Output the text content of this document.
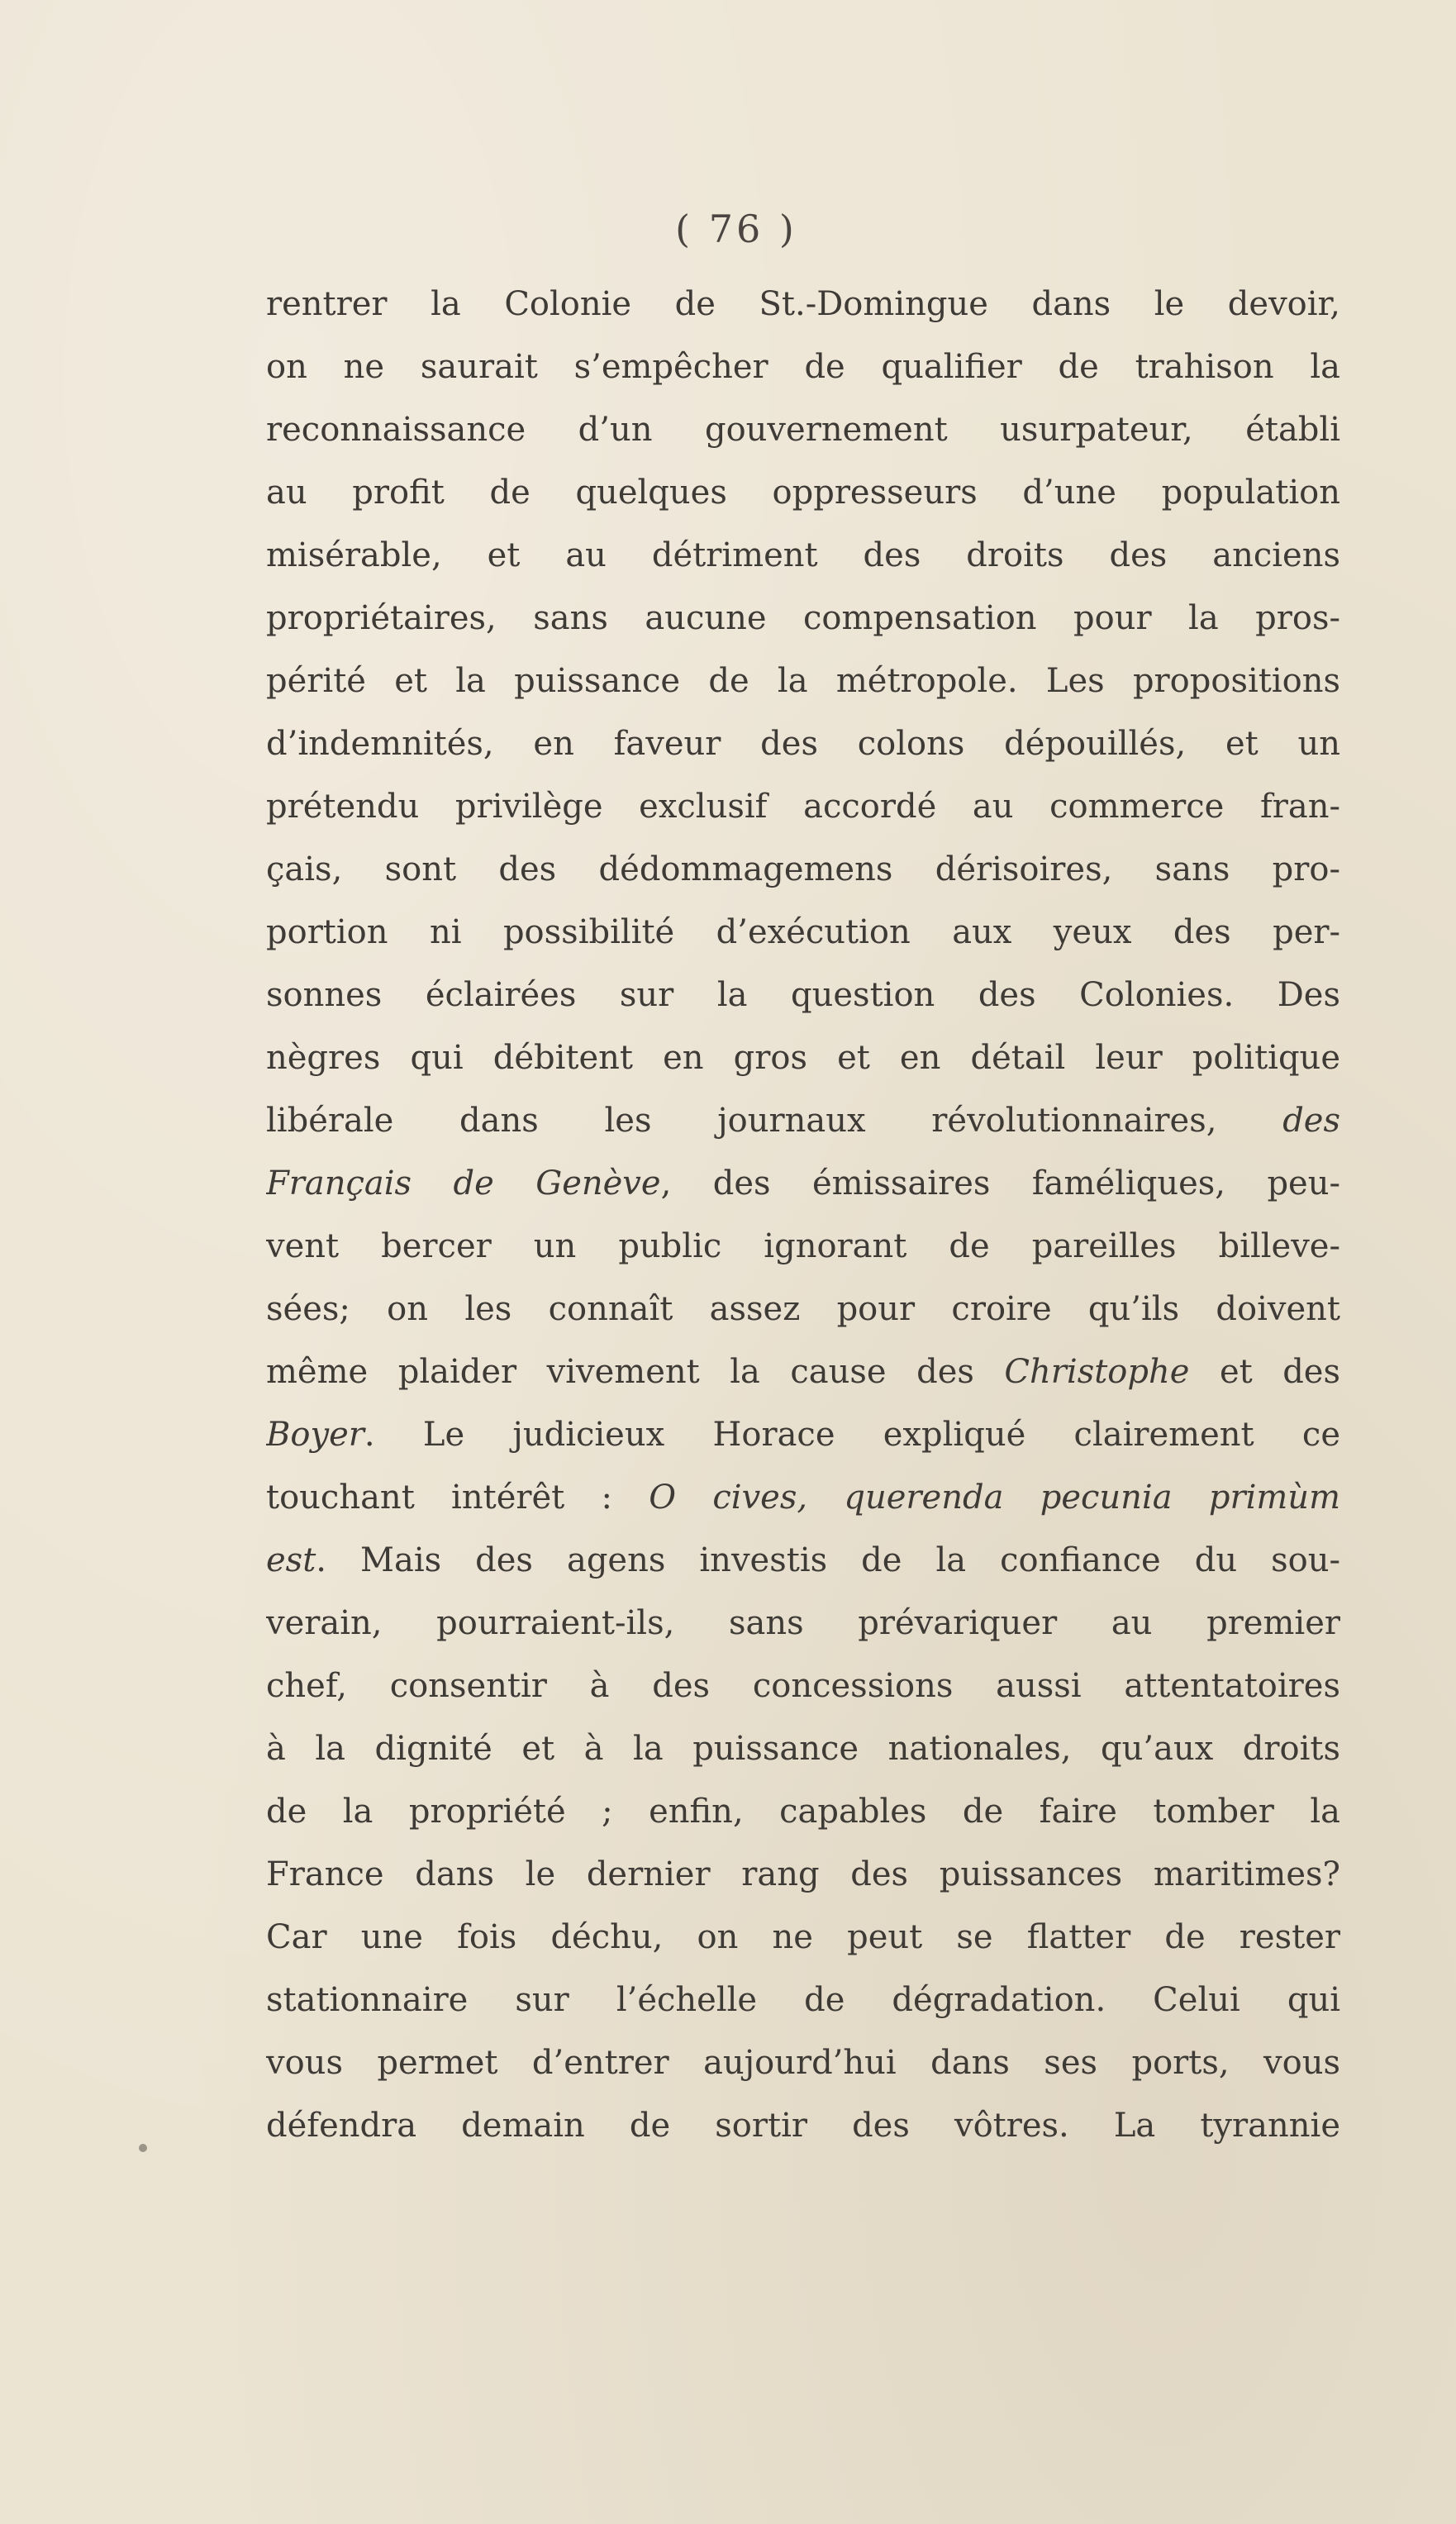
( 76 )
rentrer la Colonie de St.-Domingue dans le devoir,
on ne saurait s’empêcher de qualifier de trahison la
reconnaissance d’un gouvernement usurpateur, établi
au profit de quelques oppresseurs d’une population
misérable, et au détriment des droits des anciens
propriétaires, sans aucune compensation pour la pros-
périté et la puissance de la métropole. Les propositions
d’indemnités, en faveur des colons dépouillés, et un
prétendu privilège exclusif accordé au commerce fran-
çais, sont des dédommagemens dérisoires, sans pro-
portion ni possibilité d’exécution aux yeux des per-
sonnes éclairées sur la question des Colonies. Des
nègres qui débitent en gros et en détail leur politique
libérale dans les journaux révolutionnaires, des
Français de Genève, des émissaires faméliques, peu-
vent bercer un public ignorant de pareilles billeve-
sées; on les connaît assez pour croire qu’ils doivent
même plaider vivement la cause des Christophe et des
Boyer. Le judicieux Horace expliqué clairement ce
touchant intérêt : O cives, querenda pecunia primùm
est. Mais des agens investis de la confiance du sou-
verain, pourraient-ils, sans prévariquer au premier
chef, consentir à des concessions aussi attentatoires
à la dignité et à la puissance nationales, qu’aux droits
de la propriété ; enfin, capables de faire tomber la
France dans le dernier rang des puissances maritimes?
Car une fois déchu, on ne peut se flatter de rester
stationnaire sur l’échelle de dégradation. Celui qui
vous permet d’entrer aujourd’hui dans ses ports, vous
défendra demain de sortir des vôtres. La tyrannie
